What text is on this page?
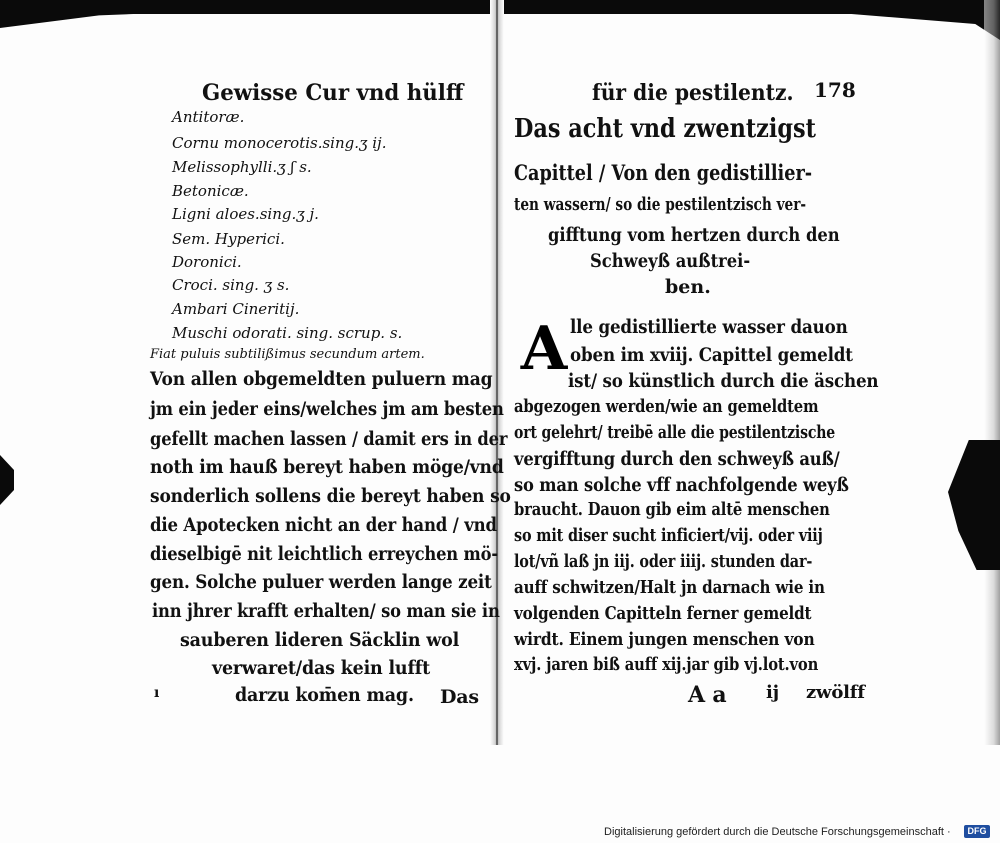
Gewisse Cur vnd hülff
Antitoræ.
Cornu monocerotis.sing.ʒ ij.
Melissophylli.ʒ ʃ s.
Betonicæ.
Ligni aloes.sing.ʒ j.
Sem. Hyperici.
Doronici.
Croci. sing. ʒ s.
Ambari Cineritij.
Muschi odorati. sing. scrup. s.
Fiat puluis subtilißimus secundum artem.
Von allen obgemeldten puluern mag
jm ein jeder eins/welches jm am besten
gefellt machen lassen / damit ers in der
noth im hauß bereyt haben möge/vnd
sonderlich sollens die bereyt haben so
die Apotecken nicht an der hand / vnd
dieselbigē nit leichtlich erreychen mö-
gen. Solche puluer werden lange zeit
inn jhrer krafft erhalten/ so man sie in
sauberen lideren Säcklin wol
verwaret/das kein lufft
darzu kom̄en mag. Das
ı
für die pestilentz. 178
Das acht vnd zwentzigst
Capittel / Von den gedistillier-
ten wassern/ so die pestilentzisch ver-
gifftung vom hertzen durch den
Schweyß außtrei-
ben.
A lle gedistillierte wasser dauon
oben im xviij. Capittel gemeldt
ist/ so künstlich durch die äschen
abgezogen werden/wie an gemeldtem
ort gelehrt/ treibē alle die pestilentzische
vergifftung durch den schweyß auß/
so man solche vff nachfolgende weyß
braucht. Dauon gib eim altē menschen
so mit diser sucht inficiert/vij. oder viij
lot/vñ laß jn iij. oder iiij. stunden dar-
auff schwitzen/Halt jn darnach wie in
volgenden Capitteln ferner gemeldt
wirdt. Einem jungen menschen von
xvj. jaren biß auff xij.jar gib vj.lot.von
A a ij zwölff
Digitalisierung gefördert durch die Deutsche Forschungsgemeinschaft ·	DFG
